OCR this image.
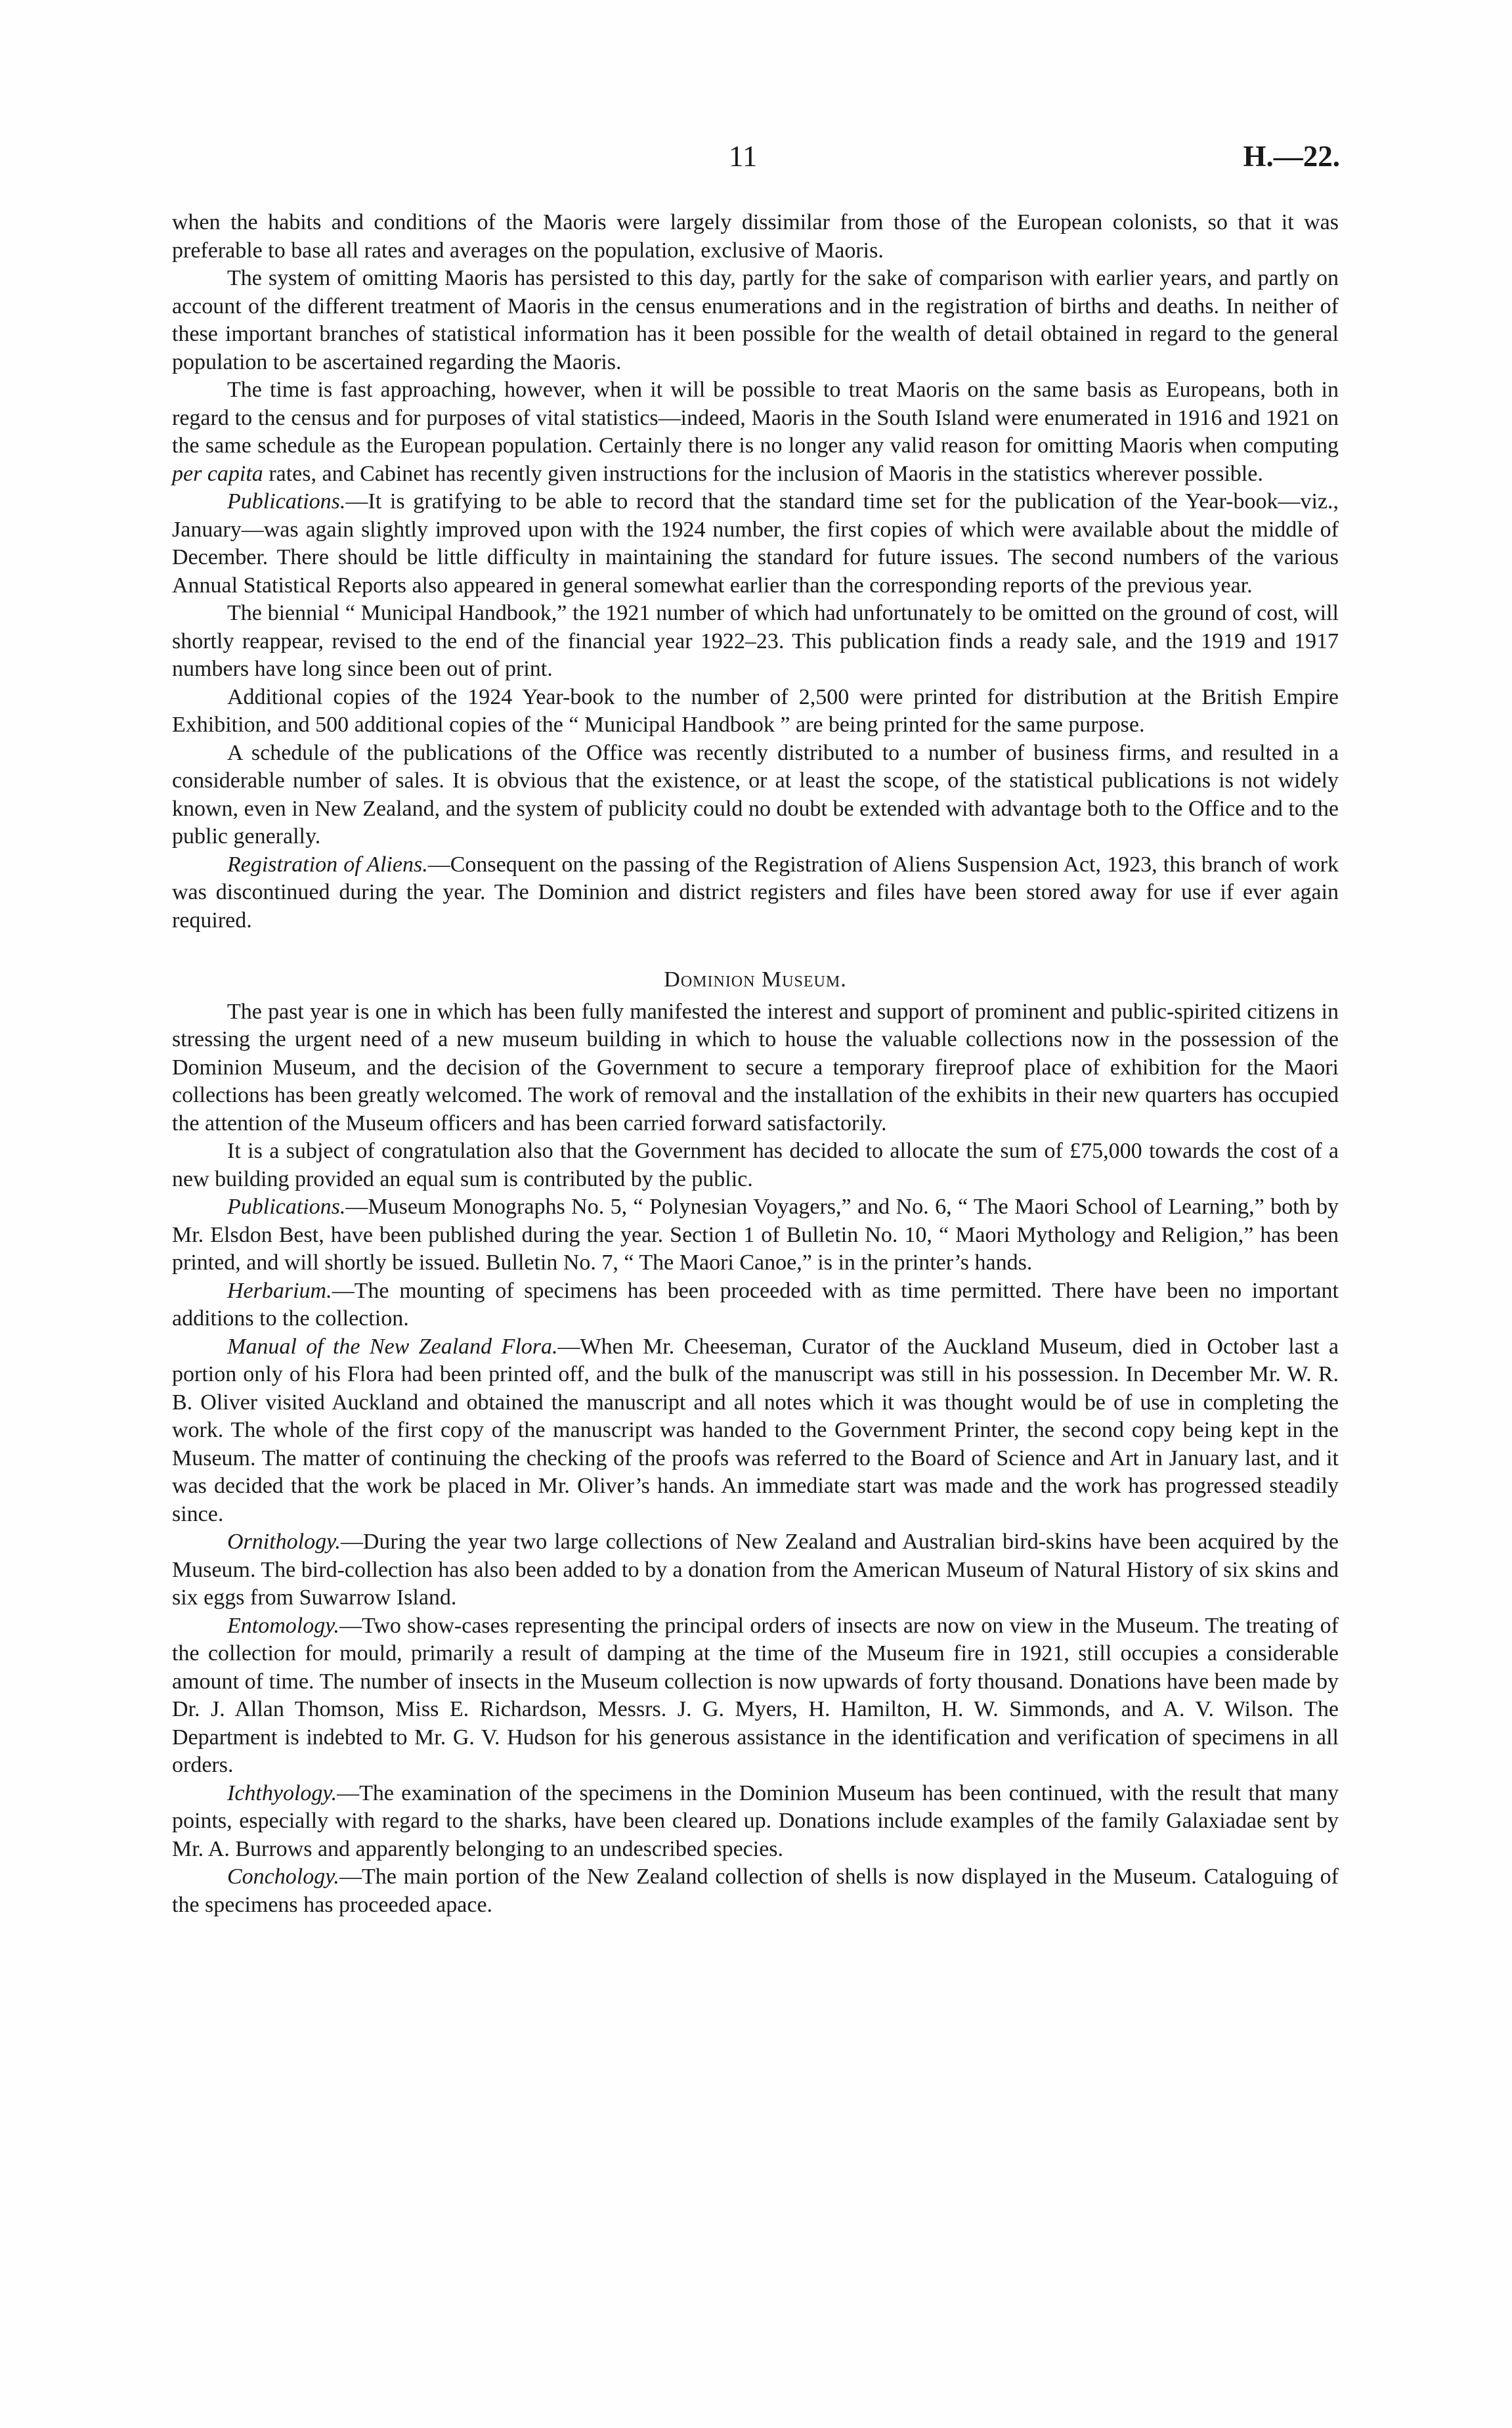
11	H.—22.

when the habits and conditions of the Maoris were largely dissimilar from those of the European colonists, so that it was preferable to base all rates and averages on the population, exclusive of Maoris.

The system of omitting Maoris has persisted to this day, partly for the sake of comparison with earlier years, and partly on account of the different treatment of Maoris in the census enumerations and in the registration of births and deaths. In neither of these important branches of statistical information has it been possible for the wealth of detail obtained in regard to the general population to be ascertained regarding the Maoris.

The time is fast approaching, however, when it will be possible to treat Maoris on the same basis as Europeans, both in regard to the census and for purposes of vital statistics—indeed, Maoris in the South Island were enumerated in 1916 and 1921 on the same schedule as the European population. Certainly there is no longer any valid reason for omitting Maoris when computing per capita rates, and Cabinet has recently given instructions for the inclusion of Maoris in the statistics wherever possible.

Publications.—It is gratifying to be able to record that the standard time set for the publication of the Year-book—viz., January—was again slightly improved upon with the 1924 number, the first copies of which were available about the middle of December. There should be little difficulty in maintaining the standard for future issues. The second numbers of the various Annual Statistical Reports also appeared in general somewhat earlier than the corresponding reports of the previous year.

The biennial “ Municipal Handbook,” the 1921 number of which had unfortunately to be omitted on the ground of cost, will shortly reappear, revised to the end of the financial year 1922–23. This publication finds a ready sale, and the 1919 and 1917 numbers have long since been out of print.

Additional copies of the 1924 Year-book to the number of 2,500 were printed for distribution at the British Empire Exhibition, and 500 additional copies of the “ Municipal Handbook ” are being printed for the same purpose.

A schedule of the publications of the Office was recently distributed to a number of business firms, and resulted in a considerable number of sales. It is obvious that the existence, or at least the scope, of the statistical publications is not widely known, even in New Zealand, and the system of publicity could no doubt be extended with advantage both to the Office and to the public generally.

Registration of Aliens.—Consequent on the passing of the Registration of Aliens Suspension Act, 1923, this branch of work was discontinued during the year. The Dominion and district registers and files have been stored away for use if ever again required.

Dominion Museum.

The past year is one in which has been fully manifested the interest and support of prominent and public-spirited citizens in stressing the urgent need of a new museum building in which to house the valuable collections now in the possession of the Dominion Museum, and the decision of the Government to secure a temporary fireproof place of exhibition for the Maori collections has been greatly welcomed. The work of removal and the installation of the exhibits in their new quarters has occupied the attention of the Museum officers and has been carried forward satisfactorily.

It is a subject of congratulation also that the Government has decided to allocate the sum of £75,000 towards the cost of a new building provided an equal sum is contributed by the public.

Publications.—Museum Monographs No. 5, “ Polynesian Voyagers,” and No. 6, “ The Maori School of Learning,” both by Mr. Elsdon Best, have been published during the year. Section 1 of Bulletin No. 10, “ Maori Mythology and Religion,” has been printed, and will shortly be issued. Bulletin No. 7, “ The Maori Canoe,” is in the printer’s hands.

Herbarium.—The mounting of specimens has been proceeded with as time permitted. There have been no important additions to the collection.

Manual of the New Zealand Flora.—When Mr. Cheeseman, Curator of the Auckland Museum, died in October last a portion only of his Flora had been printed off, and the bulk of the manuscript was still in his possession. In December Mr. W. R. B. Oliver visited Auckland and obtained the manuscript and all notes which it was thought would be of use in completing the work. The whole of the first copy of the manuscript was handed to the Government Printer, the second copy being kept in the Museum. The matter of continuing the checking of the proofs was referred to the Board of Science and Art in January last, and it was decided that the work be placed in Mr. Oliver’s hands. An immediate start was made and the work has progressed steadily since.

Ornithology.—During the year two large collections of New Zealand and Australian bird-skins have been acquired by the Museum. The bird-collection has also been added to by a donation from the American Museum of Natural History of six skins and six eggs from Suwarrow Island.

Entomology.—Two show-cases representing the principal orders of insects are now on view in the Museum. The treating of the collection for mould, primarily a result of damping at the time of the Museum fire in 1921, still occupies a considerable amount of time. The number of insects in the Museum collection is now upwards of forty thousand. Donations have been made by Dr. J. Allan Thomson, Miss E. Richardson, Messrs. J. G. Myers, H. Hamilton, H. W. Simmonds, and A. V. Wilson. The Department is indebted to Mr. G. V. Hudson for his generous assistance in the identification and verification of specimens in all orders.

Ichthyology.—The examination of the specimens in the Dominion Museum has been continued, with the result that many points, especially with regard to the sharks, have been cleared up. Donations include examples of the family Galaxiadae sent by Mr. A. Burrows and apparently belonging to an undescribed species.

Conchology.—The main portion of the New Zealand collection of shells is now displayed in the Museum. Cataloguing of the specimens has proceeded apace.
